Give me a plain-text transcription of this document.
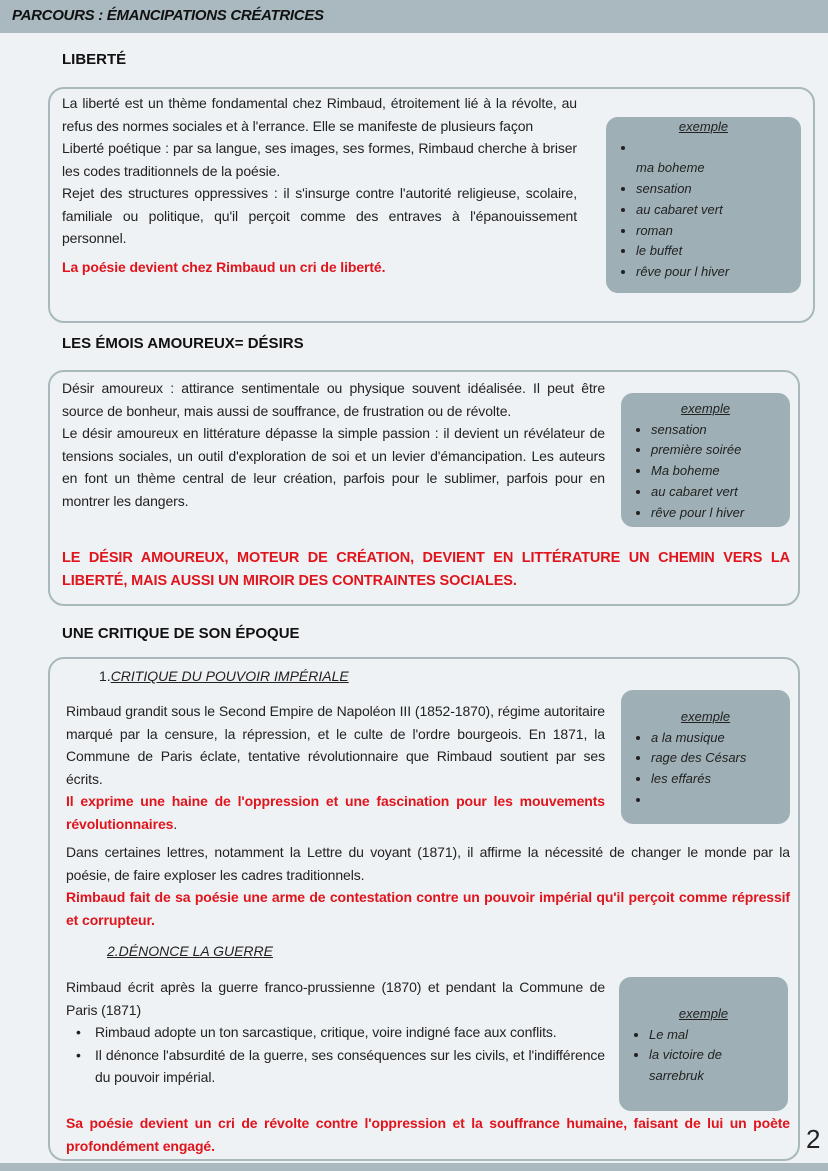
PARCOURS : ÉMANCIPATIONS CRÉATRICES
LIBERTÉ

La liberté est un thème fondamental chez Rimbaud, étroitement lié à la révolte, au refus des normes sociales et à l'errance. Elle se manifeste de plusieurs façon

Liberté poétique : par sa langue, ses images, ses formes, Rimbaud cherche à briser les codes traditionnels de la poésie.

Rejet des structures oppressives : il s'insurge contre l'autorité religieuse, scolaire, familiale ou politique, qu'il perçoit comme des entraves à l'épanouissement personnel.

La poésie devient chez Rimbaud un cri de liberté.

exemple
•
ma boheme
• sensation
• au cabaret vert
• roman
• le buffet
• rêve pour l hiver
LES ÉMOIS AMOUREUX= DÉSIRS

Désir amoureux : attirance sentimentale ou physique souvent idéalisée. Il peut être source de bonheur, mais aussi de souffrance, de frustration ou de révolte.

Le désir amoureux en littérature dépasse la simple passion : il devient un révélateur de tensions sociales, un outil d'exploration de soi et un levier d'émancipation. Les auteurs en font un thème central de leur création, parfois pour le sublimer, parfois pour en montrer les dangers.

LE DÉSIR AMOUREUX, MOTEUR DE CRÉATION, DEVIENT EN LITTÉRATURE UN CHEMIN VERS LA LIBERTÉ, MAIS AUSSI UN MIROIR DES CONTRAINTES SOCIALES.
exemple
• sensation
• première soirée
• Ma boheme
• au cabaret vert
• rêve pour l hiver
UNE CRITIQUE DE SON ÉPOQUE
1.CRITIQUE DU POUVOIR IMPÉRIALE

Rimbaud grandit sous le Second Empire de Napoléon III (1852-1870), régime autoritaire marqué par la censure, la répression, et le culte de l'ordre bourgeois. En 1871, la Commune de Paris éclate, tentative révolutionnaire que Rimbaud soutient par ses écrits.

Il exprime une haine de l'oppression et une fascination pour les mouvements révolutionnaires.

Dans certaines lettres, notamment la Lettre du voyant (1871), il affirme la nécessité de changer le monde par la poésie, de faire exploser les cadres traditionnels.

Rimbaud fait de sa poésie une arme de contestation contre un pouvoir impérial qu'il perçoit comme répressif et corrupteur.

exemple
• a la musique
• rage des Césars
• les effarés
•
2.DÉNONCE LA GUERRE

Rimbaud écrit après la guerre franco-prussienne (1870) et pendant la Commune de Paris (1871)

• Rimbaud adopte un ton sarcastique, critique, voire indigné face aux conflits.
• Il dénonce l'absurdité de la guerre, ses conséquences sur les civils, et l'indifférence du pouvoir impérial.
Sa poésie devient un cri de révolte contre l'oppression et la souffrance humaine, faisant de lui un poète profondément engagé.
exemple
• Le mal
• la victoire de sarrebruk
2
